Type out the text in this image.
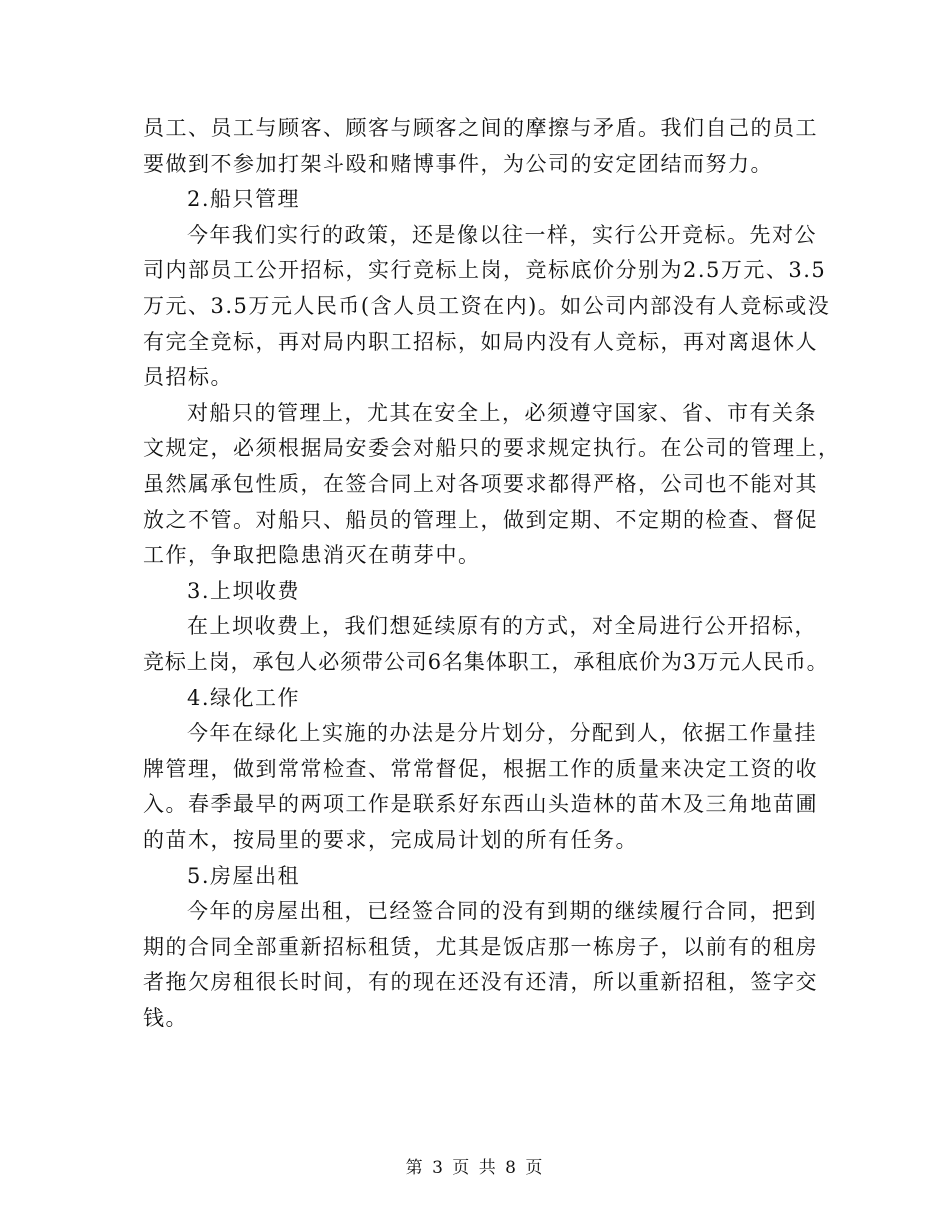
员工、员工与顾客、顾客与顾客之间的摩擦与矛盾。我们自己的员工
要做到不参加打架斗殴和赌博事件，为公司的安定团结而努力。
2.船只管理
今年我们实行的政策，还是像以往一样，实行公开竞标。先对公
司内部员工公开招标，实行竞标上岗，竞标底价分别为2.5万元、3.5
万元、3.5万元人民币(含人员工资在内)。如公司内部没有人竞标或没
有完全竞标，再对局内职工招标，如局内没有人竞标，再对离退休人
员招标。
对船只的管理上，尤其在安全上，必须遵守国家、省、市有关条
文规定，必须根据局安委会对船只的要求规定执行。在公司的管理上，
虽然属承包性质，在签合同上对各项要求都得严格，公司也不能对其
放之不管。对船只、船员的管理上，做到定期、不定期的检查、督促
工作，争取把隐患消灭在萌芽中。
3.上坝收费
在上坝收费上，我们想延续原有的方式，对全局进行公开招标，
竞标上岗，承包人必须带公司6名集体职工，承租底价为3万元人民币。
4.绿化工作
今年在绿化上实施的办法是分片划分，分配到人，依据工作量挂
牌管理，做到常常检查、常常督促，根据工作的质量来决定工资的收
入。春季最早的两项工作是联系好东西山头造林的苗木及三角地苗圃
的苗木，按局里的要求，完成局计划的所有任务。
5.房屋出租
今年的房屋出租，已经签合同的没有到期的继续履行合同，把到
期的合同全部重新招标租赁，尤其是饭店那一栋房子，以前有的租房
者拖欠房租很长时间，有的现在还没有还清，所以重新招租，签字交
钱。
第 3 页 共 8 页
